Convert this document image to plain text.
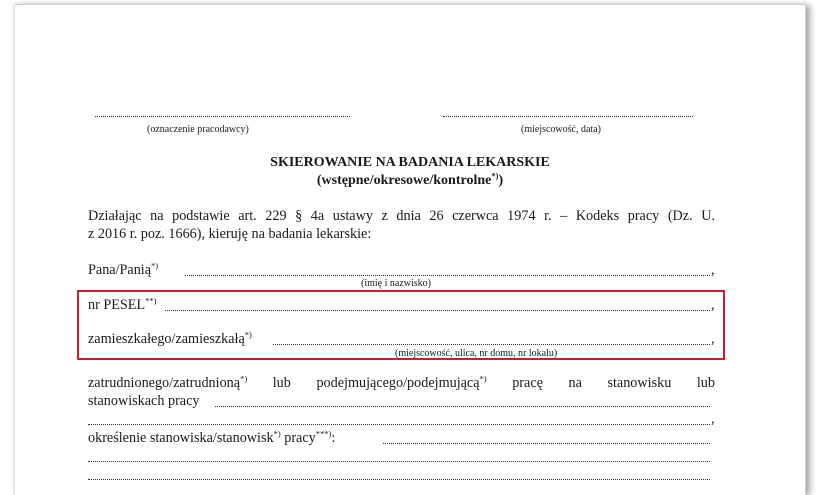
(oznaczenie pracodawcy)	(miejscowość, data)
SKIEROWANIE NA BADANIA LEKARSKIE
(wstępne/okresowe/kontrolne*))
Działając na podstawie art. 229 § 4a ustawy z dnia 26 czerwca 1974 r. – Kodeks pracy (Dz. U.
z 2016 r. poz. 1666), kieruję na badania lekarskie:
Pana/Panią*)	,
(imię i nazwisko)
nr PESEL**)	,
zamieszkałego/zamieszkałą*)	,
(miejscowość, ulica, nr domu, nr lokalu)
zatrudnionego/zatrudnioną*) lub podejmującego/podejmującą*) pracę na stanowisku lub
stanowiskach pracy
,
określenie stanowiska/stanowisk*) pracy***):
